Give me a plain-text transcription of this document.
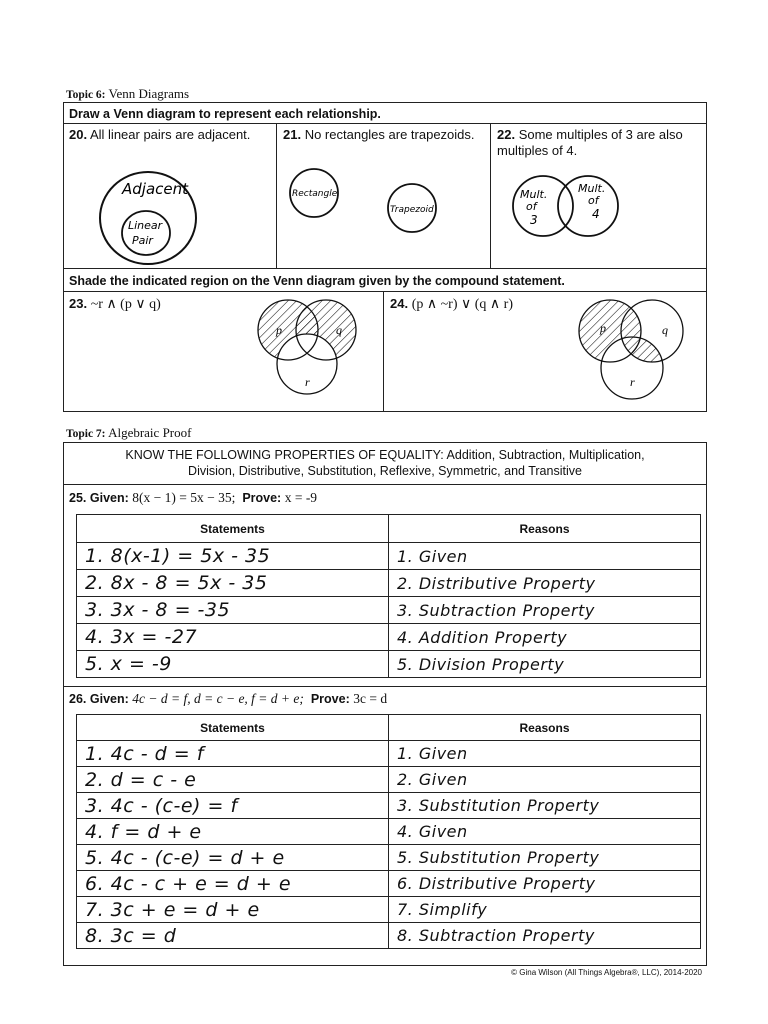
Topic 6: Venn Diagrams
Draw a Venn diagram to represent each relationship.
20. All linear pairs are adjacent.	21. No rectangles are trapezoids.	22. Some multiples of 3 are also multiples of 4.
Adjacent
Linear
Pair
Rectangle
Trapezoid
Mult.
of
3
Mult.
of
4
Shade the indicated region on the Venn diagram given by the compound statement.
23. ~r ∧ (p ∨ q)	24. (p ∧ ~r) ∨ (q ∧ r)
p	q
r
p	q
r
Topic 7: Algebraic Proof
KNOW THE FOLLOWING PROPERTIES OF EQUALITY: Addition, Subtraction, Multiplication,
Division, Distributive, Substitution, Reflexive, Symmetric, and Transitive
25. Given: 8(x − 1) = 5x − 35; Prove: x = -9
Statements	Reasons
1. 8(x-1) = 5x - 35	1. Given
2. 8x - 8 = 5x - 35	2. Distributive Property
3. 3x - 8 = -35	3. Subtraction Property
4. 3x = -27	4. Addition Property
5. x = -9	5. Division Property
26. Given: 4c − d = f, d = c − e, f = d + e; Prove: 3c = d
Statements	Reasons
1. 4c - d = f	1. Given
2. d = c - e	2. Given
3. 4c - (c-e) = f	3. Substitution Property
4. f = d + e	4. Given
5. 4c - (c-e) = d + e	5. Substitution Property
6. 4c - c + e = d + e	6. Distributive Property
7. 3c + e = d + e	7. Simplify
8. 3c = d	8. Subtraction Property
© Gina Wilson (All Things Algebra®, LLC), 2014-2020
